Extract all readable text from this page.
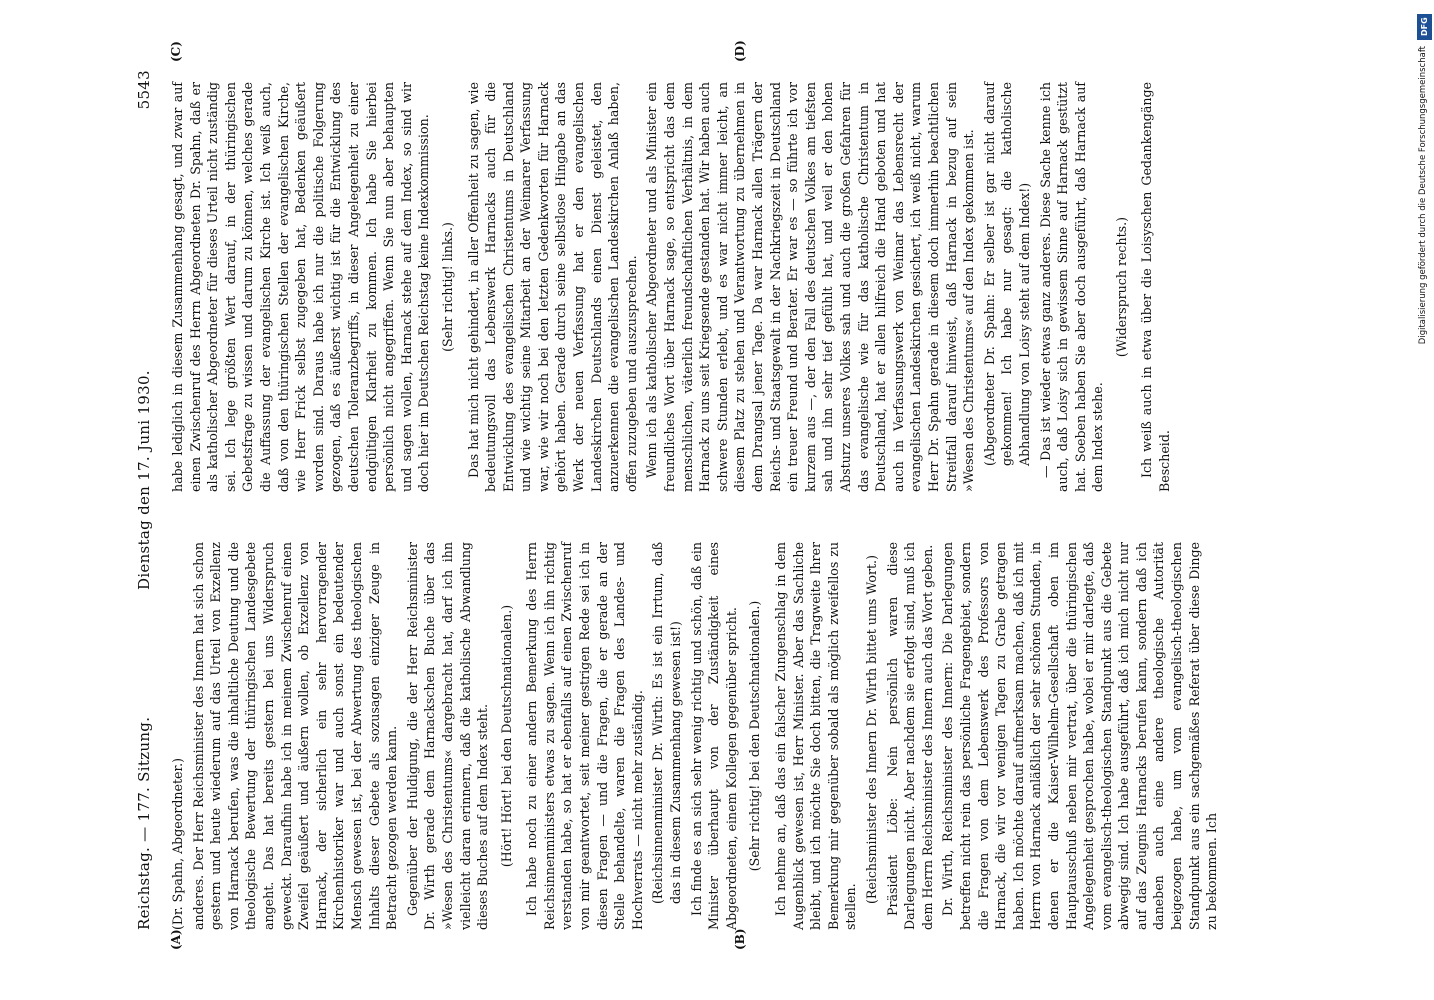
Reichstag. — 177. Sitzung.
Dienstag den 17. Juni 1930.
5543
(A)	(B)
(C)	(D)

(Dr. Spahn, Abgeordneter.) anderes. Der Herr Reichsminister des Innern hat sich schon gestern und heute wiederum auf das Urteil von Exzellenz von Harnack berufen, was die inhaltliche Deutung und die theologische Bewertung der thüringischen Landesgebete angeht. Das hat bereits gestern bei uns Widerspruch geweckt. Daraufhin habe ich in meinem Zwischenruf einen Zweifel geäußert und äußern wollen, ob Exzellenz von Harnack, der sicherlich ein sehr hervorragender Kirchenhistoriker war und auch sonst ein bedeutender Mensch gewesen ist, bei der Abwertung des theologischen Inhalts dieser Gebete als sozusagen einziger Zeuge in Betracht gezogen werden kann. Gegenüber der Huldigung, die der Herr Reichsminister Dr. Wirth gerade dem Harnackschen Buche über das »Wesen des Christentums« dargebracht hat, darf ich ihn vielleicht daran erinnern, daß die katholische Abwandlung dieses Buches auf dem Index steht. (Hört! Hört! bei den Deutschnationalen.) Ich habe noch zu einer andern Bemerkung des Herrn Reichsinnenministers etwas zu sagen. Wenn ich ihn richtig verstanden habe, so hat er ebenfalls auf einen Zwischenruf von mir geantwortet, seit meiner gestrigen Rede sei ich in diesen Fragen — und die Fragen, die er gerade an der Stelle behandelte, waren die Fragen des Landes- und Hochverrats — nicht mehr zuständig. (Reichsinnenminister Dr. Wirth: Es ist ein Irrtum, daß das in diesem Zusammenhang gewesen ist!) Ich finde es an sich sehr wenig richtig und schön, daß ein Minister überhaupt von der Zuständigkeit eines Abgeordneten, einem Kollegen gegenüber spricht. (Sehr richtig! bei den Deutschnationalen.) Ich nehme an, daß das ein falscher Zungenschlag in dem Augenblick gewesen ist, Herr Minister. Aber das Sachliche bleibt, und ich möchte Sie doch bitten, die Tragweite Ihrer Bemerkung mir gegenüber sobald als möglich zweifellos zu stellen.

(Reichsminister des Innern Dr. Wirth bittet ums Wort.) Präsident Löbe: Nein persönlich waren diese Darlegungen nicht. Aber nachdem sie erfolgt sind, muß ich dem Herrn Reichsminister des Innern auch das Wort geben. Dr. Wirth, Reichsminister des Innern: Die Darlegungen betreffen nicht rein das persönliche Fragengebiet, sondern die Fragen von dem Lebenswerk des Professors von Harnack, die wir vor wenigen Tagen zu Grabe getragen haben. Ich möchte darauf aufmerksam machen, daß ich mit Herrn von Harnack anläßlich der sehr schönen Stunden, in denen er die Kaiser-Wilhelm-Gesellschaft oben im Hauptausschuß neben mir vertrat, über die thüringischen Angelegenheit gesprochen habe, wobei er mir darlegte, daß vom evangelisch-theologischen Standpunkt aus die Gebete abwegig sind. Ich habe ausgeführt, daß ich mich nicht nur auf das Zeugnis Harnacks berufen kann, sondern daß ich daneben auch eine andere theologische Autorität beigezogen habe, um vom evangelisch-theologischen Standpunkt aus ein sachgemäßes Referat über diese Dinge zu bekommen. Ich

habe lediglich in diesem Zusammenhang gesagt, und zwar auf einen Zwischenruf des Herrn Abgeordneten Dr. Spahn, daß er als katholischer Abgeordneter für dieses Urteil nicht zuständig sei. Ich lege größten Wert darauf, in der thüringischen Gebetsfrage zu wissen und darum zu können, welches gerade die Auffassung der evangelischen Kirche ist. Ich weiß auch, daß von den thüringischen Stellen der evangelischen Kirche, wie Herr Frick selbst zugegeben hat, Bedenken geäußert worden sind. Daraus habe ich nur die politische Folgerung gezogen, daß es äußerst wichtig ist für die Entwicklung des deutschen Toleranzbegriffs, in dieser Angelegenheit zu einer endgültigen Klarheit zu kommen. Ich habe Sie hierbei persönlich nicht angegriffen. Wenn Sie nun aber behaupten und sagen wollen, Harnack stehe auf dem Index, so sind wir doch hier im Deutschen Reichstag keine Indexkommission. (Sehr richtig! links.) Das hat mich nicht gehindert, in aller Offenheit zu sagen, wie bedeutungsvoll das Lebenswerk Harnacks auch für die Entwicklung des evangelischen Christentums in Deutschland und wie wichtig seine Mitarbeit an der Weimarer Verfassung war, wie wir noch bei den letzten Gedenkworten für Harnack gehört haben. Gerade durch seine selbstlose Hingabe an das Werk der neuen Verfassung hat er den evangelischen Landeskirchen Deutschlands einen Dienst geleistet, den anzuerkennen die evangelischen Landeskirchen Anlaß haben, offen zuzugeben und auszusprechen. Wenn ich als katholischer Abgeordneter und als Minister ein freundliches Wort über Harnack sage, so entspricht das dem menschlichen, väterlich freundschaftlichen Verhältnis, in dem Harnack zu uns seit Kriegsende gestanden hat. Wir haben auch schwere Stunden erlebt, und es war nicht immer leicht, an diesem Platz zu stehen und Verantwortung zu übernehmen in dem Drangsal jener Tage. Da war Harnack allen Trägern der Reichs- und Staatsgewalt in der Nachkriegszeit in Deutschland ein treuer Freund und Berater. Er war es — so führte ich vor kurzem aus —, der den Fall des deutschen Volkes am tiefsten sah und ihn sehr tief gefühlt hat, und weil er den hohen Absturz unseres Volkes sah und auch die großen Gefahren für das evangelische wie für das katholische Christentum in Deutschland, hat er allen hilfreich die Hand geboten und hat auch in Verfassungswerk von Weimar das Lebensrecht der evangelischen Landeskirchen gesichert, ich weiß nicht, warum Herr Dr. Spahn gerade in diesem doch immerhin beachtlichen Streitfall darauf hinweist, daß Harnack in bezug auf sein »Wesen des Christentums« auf den Index gekommen ist. (Abgeordneter Dr. Spahn: Er selber ist gar nicht darauf gekommen! Ich habe nur gesagt: die katholische Abhandlung von Loisy steht auf dem Index!) — Das ist wieder etwas ganz anderes. Diese Sache kenne ich auch, daß Loisy sich in gewissem Sinne auf Harnack gestützt hat. Soeben haben Sie aber doch ausgeführt, daß Harnack auf dem Index stehe.

(Widerspruch rechts.) Ich weiß auch in etwa über die Loisyschen Gedankengänge Bescheid.

DFG
Digitalisierung gefördert durch die Deutsche Forschungsgemeinschaft
